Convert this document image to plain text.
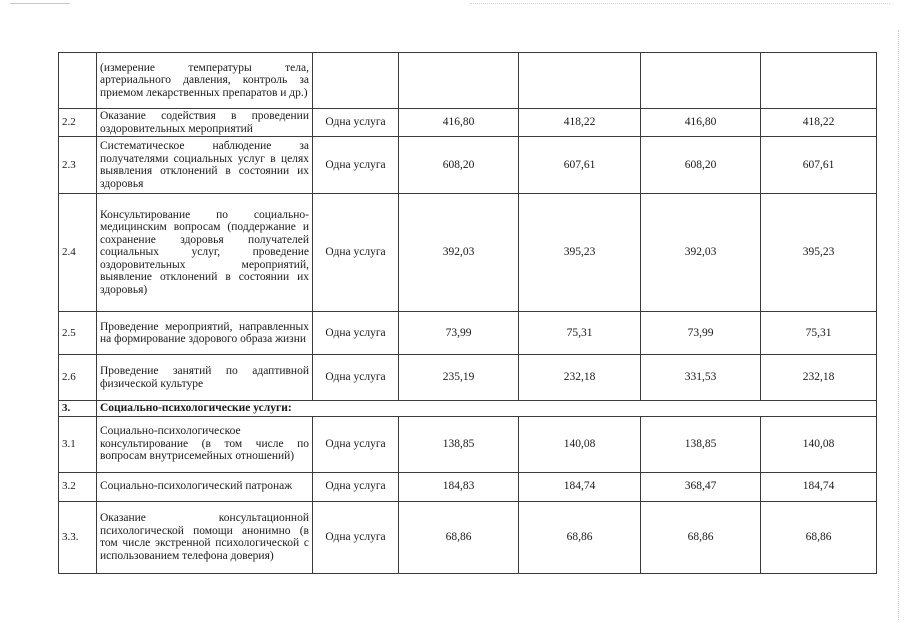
	(измерение температуры тела, артериального давления, контроль за приемом лекарственных препаратов и др.)					
2.2	Оказание содействия в проведении оздоровительных мероприятий	Одна услуга	416,80	418,22	416,80	418,22
2.3	Систематическое наблюдение за получателями социальных услуг в целях выявления отклонений в состоянии их здоровья	Одна услуга	608,20	607,61	608,20	607,61
2.4	Консультирование по социально-медицинским вопросам (поддержание и сохранение здоровья получателей социальных услуг, проведение оздоровительных мероприятий, выявление отклонений в состоянии их здоровья)	Одна услуга	392,03	395,23	392,03	395,23
2.5	Проведение мероприятий, направленных на формирование здорового образа жизни	Одна услуга	73,99	75,31	73,99	75,31
2.6	Проведение занятий по адаптивной физической культуре	Одна услуга	235,19	232,18	331,53	232,18
3.	Социально-психологические услуги:					
3.1	Социально-психологическое консультирование (в том числе по вопросам внутрисемейных отношений)	Одна услуга	138,85	140,08	138,85	140,08
3.2	Социально-психологический патронаж	Одна услуга	184,83	184,74	368,47	184,74
3.3.	Оказание консультационной психологической помощи анонимно (в том числе экстренной психологической с использованием телефона доверия)	Одна услуга	68,86	68,86	68,86	68,86
